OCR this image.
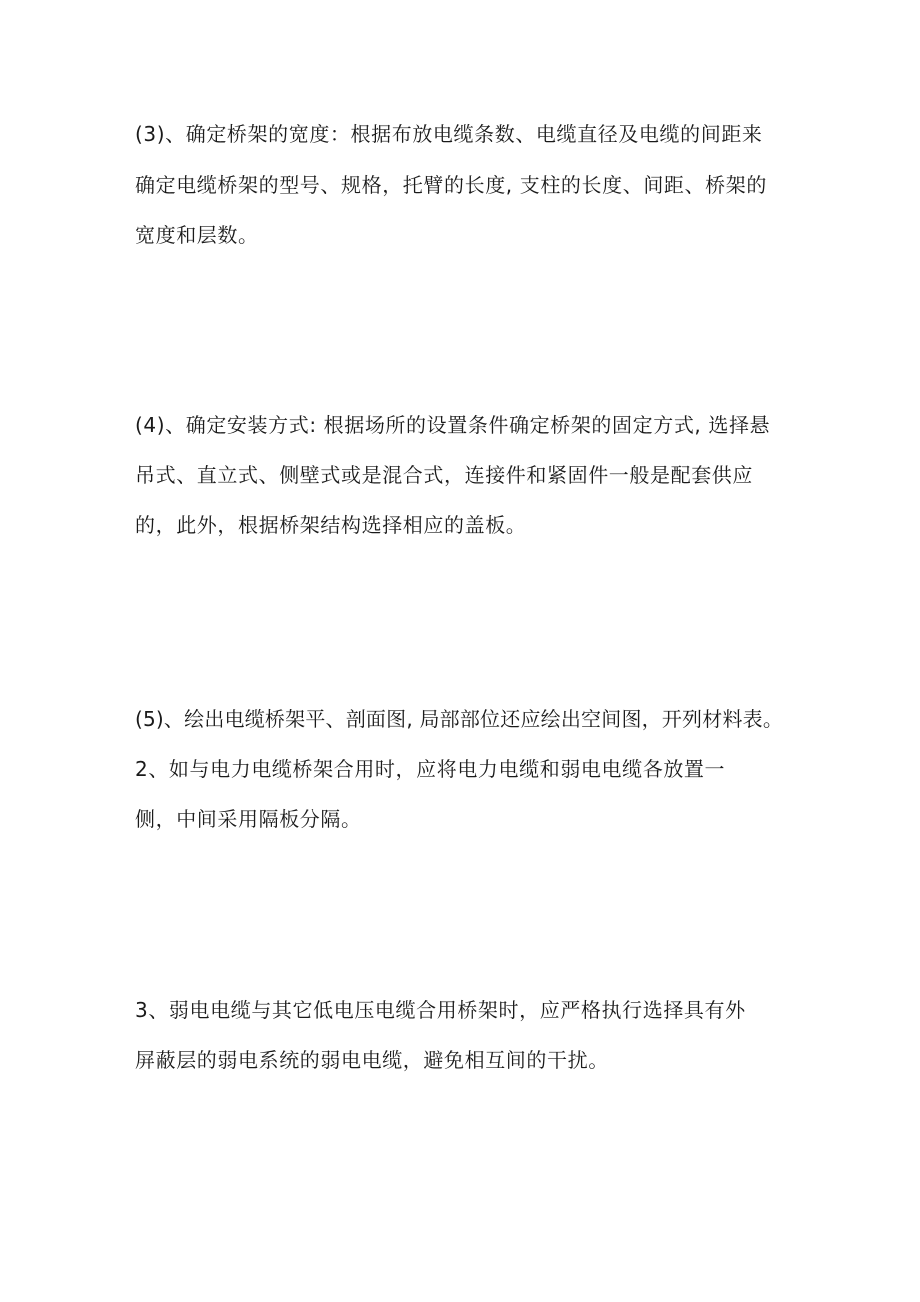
(3)、确定桥架的宽度：根据布放电缆条数、电缆直径及电缆的间距来
确定电缆桥架的型号、规格，托臂的长度, 支柱的长度、间距、桥架的
宽度和层数。
(4)、确定安装方式: 根据场所的设置条件确定桥架的固定方式, 选择悬
吊式、直立式、侧壁式或是混合式，连接件和紧固件一般是配套供应
的，此外，根据桥架结构选择相应的盖板。
(5)、绘出电缆桥架平、剖面图, 局部部位还应绘出空间图，开列材料表。
2、如与电力电缆桥架合用时，应将电力电缆和弱电电缆各放置一
侧，中间采用隔板分隔。
3、弱电电缆与其它低电压电缆合用桥架时，应严格执行选择具有外
屏蔽层的弱电系统的弱电电缆，避免相互间的干扰。
